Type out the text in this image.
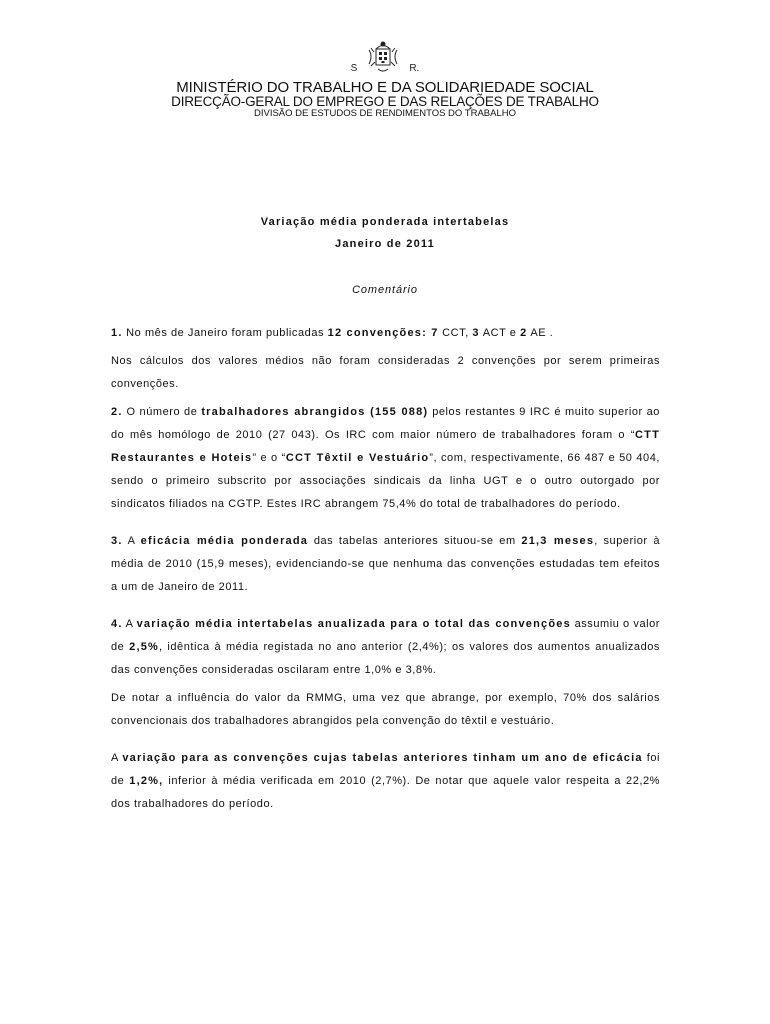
S	R.
MINISTÉRIO DO TRABALHO E DA SOLIDARIEDADE SOCIAL
DIRECÇÃO-GERAL DO EMPREGO E DAS RELAÇÕES DE TRABALHO
DIVISÃO DE ESTUDOS DE RENDIMENTOS DO TRABALHO
Variação média ponderada intertabelas
Janeiro de 2011
Comentário

1. No mês de Janeiro foram publicadas 12 convenções: 7 CCT, 3 ACT e 2 AE .

Nos cálculos dos valores médios não foram consideradas 2 convenções por serem primeiras convenções.

2. O número de trabalhadores abrangidos (155 088) pelos restantes 9 IRC é muito superior ao do mês homólogo de 2010 (27 043). Os IRC com maior número de trabalhadores foram o “CTT Restaurantes e Hoteis” e o “CCT Têxtil e Vestuário”, com, respectivamente, 66 487 e 50 404, sendo o primeiro subscrito por associações sindicais da linha UGT e o outro outorgado por sindicatos filiados na CGTP. Estes IRC abrangem 75,4% do total de trabalhadores do período.

3. A eficácia média ponderada das tabelas anteriores situou-se em 21,3 meses, superior à média de 2010 (15,9 meses), evidenciando-se que nenhuma das convenções estudadas tem efeitos a um de Janeiro de 2011.

4. A variação média intertabelas anualizada para o total das convenções assumiu o valor de 2,5%, idêntica à média registada no ano anterior (2,4%); os valores dos aumentos anualizados das convenções consideradas oscilaram entre 1,0% e 3,8%.

De notar a influência do valor da RMMG, uma vez que abrange, por exemplo, 70% dos salários convencionais dos trabalhadores abrangidos pela convenção do têxtil e vestuário.

A variação para as convenções cujas tabelas anteriores tinham um ano de eficácia foi de 1,2%, inferior à média verificada em 2010 (2,7%). De notar que aquele valor respeita a 22,2% dos trabalhadores do período.
